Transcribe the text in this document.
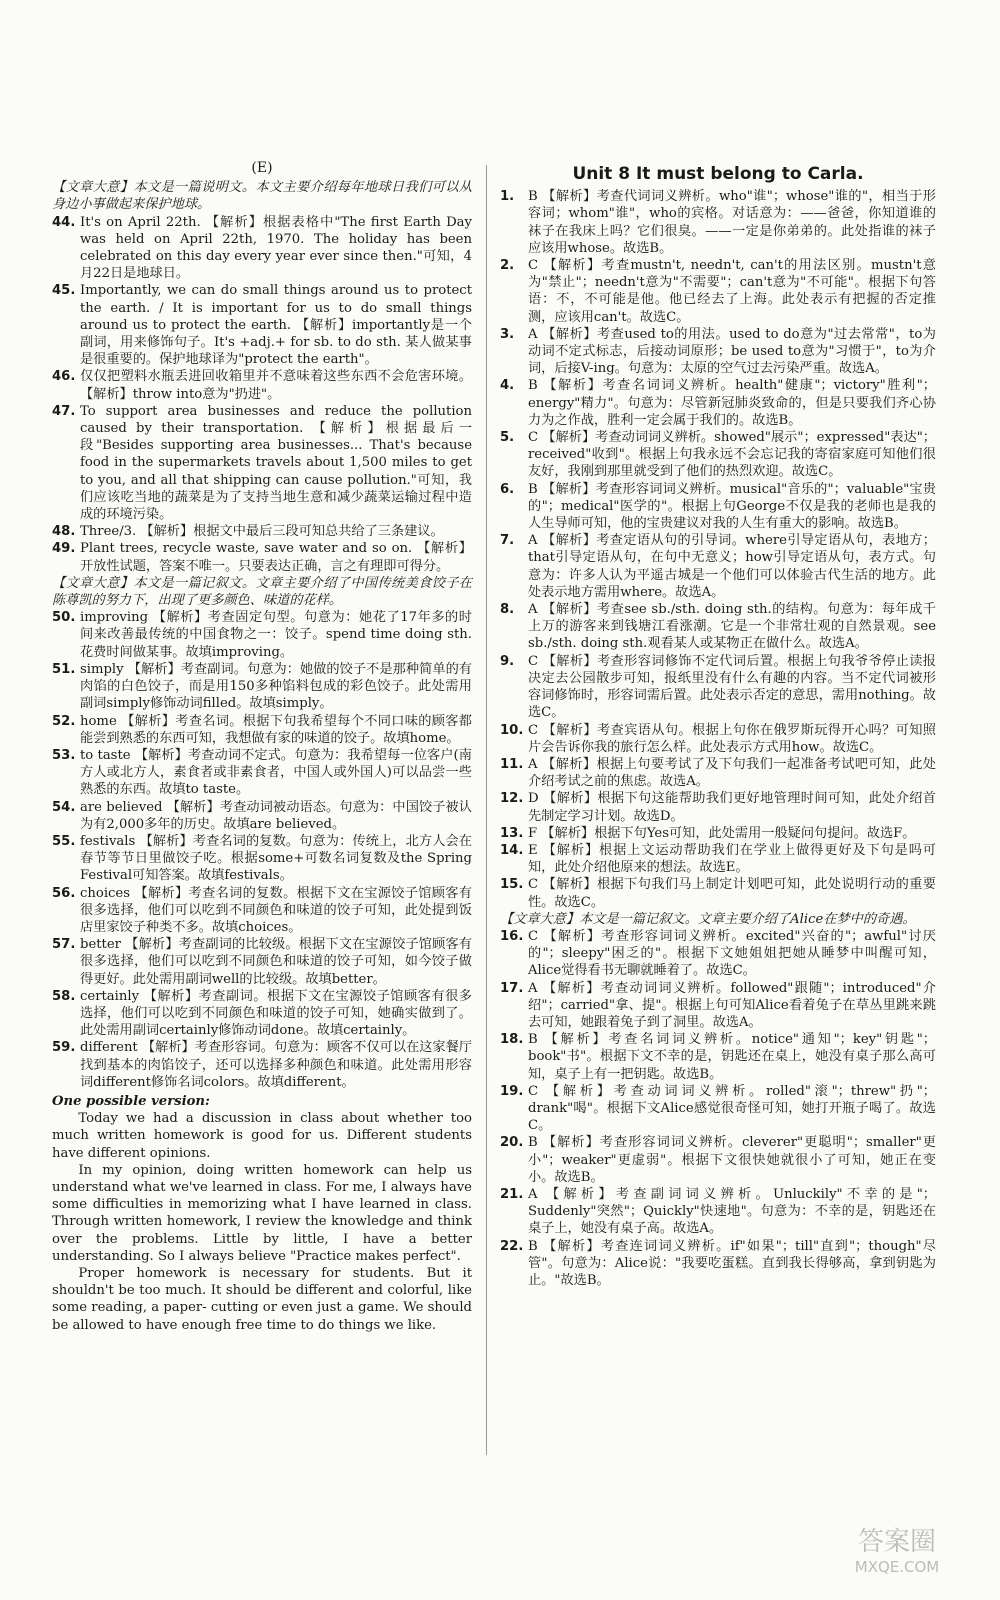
(E)
【文章大意】本文是一篇说明文。本文主要介绍每年地球日我们可以从身边小事做起来保护地球。
44. It's on April 22th. 【解析】根据表格中"The first Earth Day was held on April 22th, 1970. The holiday has been celebrated on this day every year ever since then."可知，4月22日是地球日。
45. Importantly, we can do small things around us to protect the earth. / It is important for us to do small things around us to protect the earth. 【解析】importantly是一个副词，用来修饰句子。It's +adj.+ for sb. to do sth. 某人做某事是很重要的。保护地球译为"protect the earth"。
46. 仅仅把塑料水瓶丢进回收箱里并不意味着这些东西不会危害环境。【解析】throw into意为"扔进"。
47. To support area businesses and reduce the pollution caused by their transportation. 【解析】根据最后一段"Besides supporting area businesses... That's because food in the supermarkets travels about 1,500 miles to get to you, and all that shipping can cause pollution."可知，我们应该吃当地的蔬菜是为了支持当地生意和减少蔬菜运输过程中造成的环境污染。
48. Three/3. 【解析】根据文中最后三段可知总共给了三条建议。
49. Plant trees, recycle waste, save water and so on. 【解析】开放性试题，答案不唯一。只要表达正确，言之有理即可得分。
【文章大意】本文是一篇记叙文。文章主要介绍了中国传统美食饺子在陈尊凯的努力下，出现了更多颜色、味道的花样。
50. improving 【解析】考查固定句型。句意为：她花了17年多的时间来改善最传统的中国食物之一：饺子。spend time doing sth. 花费时间做某事。故填improving。
51. simply 【解析】考查副词。句意为：她做的饺子不是那种简单的有肉馅的白色饺子，而是用150多种馅料包成的彩色饺子。此处需用副词simply修饰动词filled。故填simply。
52. home 【解析】考查名词。根据下句我希望每个不同口味的顾客都能尝到熟悉的东西可知，我想做有家的味道的饺子。故填home。
53. to taste 【解析】考查动词不定式。句意为：我希望每一位客户(南方人或北方人，素食者或非素食者，中国人或外国人)可以品尝一些熟悉的东西。故填to taste。
54. are believed 【解析】考查动词被动语态。句意为：中国饺子被认为有2,000多年的历史。故填are believed。
55. festivals 【解析】考查名词的复数。句意为：传统上，北方人会在春节等节日里做饺子吃。根据some+可数名词复数及the Spring Festival可知答案。故填festivals。
56. choices 【解析】考查名词的复数。根据下文在宝源饺子馆顾客有很多选择，他们可以吃到不同颜色和味道的饺子可知，此处提到饭店里家饺子种类不多。故填choices。
57. better 【解析】考查副词的比较级。根据下文在宝源饺子馆顾客有很多选择，他们可以吃到不同颜色和味道的饺子可知，如今饺子做得更好。此处需用副词well的比较级。故填better。
58. certainly 【解析】考查副词。根据下文在宝源饺子馆顾客有很多选择，他们可以吃到不同颜色和味道的饺子可知，她确实做到了。此处需用副词certainly修饰动词done。故填certainly。
59. different 【解析】考查形容词。句意为：顾客不仅可以在这家餐厅找到基本的肉馅饺子，还可以选择多种颜色和味道。此处需用形容词different修饰名词colors。故填different。
One possible version:
Today we had a discussion in class about whether too much written homework is good for us. Different students have different opinions.
In my opinion, doing written homework can help us understand what we've learned in class. For me, I always have some difficulties in memorizing what I have learned in class. Through written homework, I review the knowledge and think over the problems. Little by little, I have a better understanding. So I always believe "Practice makes perfect".
Proper homework is necessary for students. But it shouldn't be too much. It should be different and colorful, like some reading, a paper- cutting or even just a game. We should be allowed to have enough free time to do things we like.
Unit 8 It must belong to Carla.
1.	B 【解析】考查代词词义辨析。who"谁"；whose"谁的"，相当于形容词；whom"谁"，who的宾格。对话意为：——爸爸，你知道谁的袜子在我床上吗？它们很臭。——一定是你弟弟的。此处指谁的袜子应该用whose。故选B。
2.	C 【解析】考查mustn't, needn't, can't的用法区别。mustn't意为"禁止"；needn't意为"不需要"；can't意为"不可能"。根据下句答语：不，不可能是他。他已经去了上海。此处表示有把握的否定推测，应该用can't。故选C。
3.	A 【解析】考查used to的用法。used to do意为"过去常常"，to为动词不定式标志，后接动词原形；be used to意为"习惯于"，to为介词，后接V-ing。句意为：太原的空气过去污染严重。故选A。
4.	B 【解析】考查名词词义辨析。health"健康"；victory"胜利"；energy"精力"。句意为：尽管新冠肺炎致命的，但是只要我们齐心协力为之作战，胜利一定会属于我们的。故选B。
5.	C 【解析】考查动词词义辨析。showed"展示"；expressed"表达"；received"收到"。根据上句我永远不会忘记我的寄宿家庭可知他们很友好，我刚到那里就受到了他们的热烈欢迎。故选C。
6.	B 【解析】考查形容词词义辨析。musical"音乐的"；valuable"宝贵的"；medical"医学的"。根据上句George不仅是我的老师也是我的人生导师可知，他的宝贵建议对我的人生有重大的影响。故选B。
7.	A 【解析】考查定语从句的引导词。where引导定语从句，表地方；that引导定语从句，在句中无意义；how引导定语从句，表方式。句意为：许多人认为平遥古城是一个他们可以体验古代生活的地方。此处表示地方需用where。故选A。
8.	A 【解析】考查see sb./sth. doing sth.的结构。句意为：每年成千上万的游客来到钱塘江看涨潮。它是一个非常壮观的自然景观。see sb./sth. doing sth.观看某人或某物正在做什么。故选A。
9.	C 【解析】考查形容词修饰不定代词后置。根据上句我爷爷停止读报决定去公园散步可知，报纸里没有什么有趣的内容。当不定代词被形容词修饰时，形容词需后置。此处表示否定的意思，需用nothing。故选C。
10. C 【解析】考查宾语从句。根据上句你在俄罗斯玩得开心吗？可知照片会告诉你我的旅行怎么样。此处表示方式用how。故选C。
11. A 【解析】根据上句要考试了及下句我们一起准备考试吧可知，此处介绍考试之前的焦虑。故选A。
12. D 【解析】根据下句这能帮助我们更好地管理时间可知，此处介绍首先制定学习计划。故选D。
13. F 【解析】根据下句Yes可知，此处需用一般疑问句提问。故选F。
14. E 【解析】根据上文运动帮助我们在学业上做得更好及下句是吗可知，此处介绍他原来的想法。故选E。
15. C 【解析】根据下句我们马上制定计划吧可知，此处说明行动的重要性。故选C。
【文章大意】本文是一篇记叙文。文章主要介绍了Alice在梦中的奇遇。
16. C 【解析】考查形容词词义辨析。excited"兴奋的"；awful"讨厌的"；sleepy"困乏的"。根据下文她姐姐把她从睡梦中叫醒可知，Alice觉得看书无聊就睡着了。故选C。
17. A 【解析】考查动词词义辨析。followed"跟随"；introduced"介绍"；carried"拿、提"。根据上句可知Alice看着兔子在草丛里跳来跳去可知，她跟着兔子到了洞里。故选A。
18. B 【解析】考查名词词义辨析。notice"通知"；key"钥匙"；book"书"。根据下文不幸的是，钥匙还在桌上，她没有桌子那么高可知，桌子上有一把钥匙。故选B。
19. C 【解析】考查动词词义辨析。rolled"滚"；threw"扔"；drank"喝"。根据下文Alice感觉很奇怪可知，她打开瓶子喝了。故选C。
20. B 【解析】考查形容词词义辨析。cleverer"更聪明"；smaller"更小"；weaker"更虚弱"。根据下文很快她就很小了可知，她正在变小。故选B。
21. A 【解析】考查副词词义辨析。Unluckily"不幸的是"；Suddenly"突然"；Quickly"快速地"。句意为：不幸的是，钥匙还在桌子上，她没有桌子高。故选A。
22. B 【解析】考查连词词义辨析。if"如果"；till"直到"；though"尽管"。句意为：Alice说："我要吃蛋糕。直到我长得够高，拿到钥匙为止。"故选B。
答案圈
MXQE.COM
